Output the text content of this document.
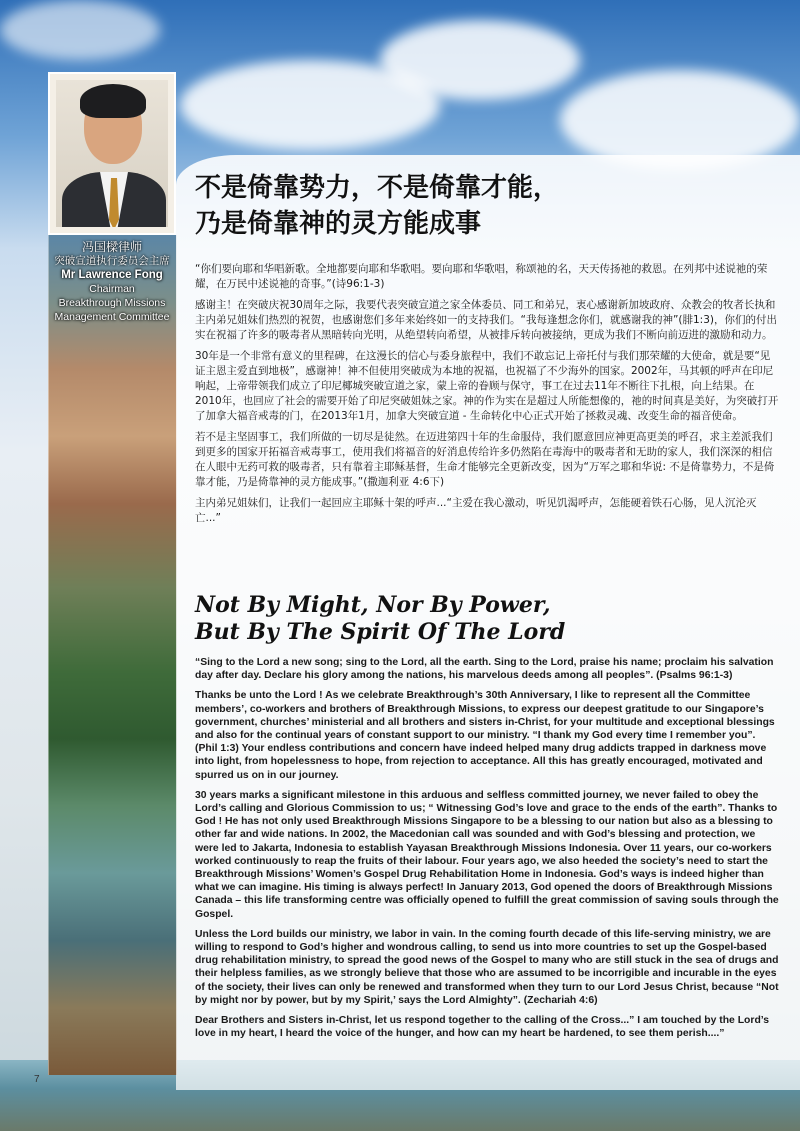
冯国樑律师
突破宣道执行委员会主席
Mr Lawrence Fong
Chairman
Breakthrough Missions
Management Committee
不是倚靠势力，不是倚靠才能，
乃是倚靠神的灵方能成事

“你们要向耶和华唱新歌。全地都要向耶和华歌唱。要向耶和华歌唱，称颂祂的名，天天传扬祂的救恩。在列邦中述说祂的荣耀，在万民中述说祂的奇事。”(诗96:1-3)

感谢主！在突破庆祝30周年之际，我要代表突破宣道之家全体委员、同工和弟兄，衷心感谢新加坡政府、众教会的牧者长执和主内弟兄姐妹们热烈的祝贺，也感谢您们多年来始终如一的支持我们。“我每逢想念你们，就感谢我的神”(腓1:3)，你们的付出实在祝福了许多的吸毒者从黑暗转向光明，从绝望转向希望，从被排斥转向被接纳，更成为我们不断向前迈进的激励和动力。

30年是一个非常有意义的里程碑，在这漫长的信心与委身旅程中，我们不敢忘记上帝托付与我们那荣耀的大使命，就是要“见证主恩主爱直到地极”，感谢神！神不但使用突破成为本地的祝福，也祝福了不少海外的国家。2002年，马其顿的呼声在印尼响起，上帝带领我们成立了印尼椰城突破宣道之家，蒙上帝的眷顾与保守，事工在过去11年不断往下扎根，向上结果。在2010年，也回应了社会的需要开始了印尼突破姐妹之家。神的作为实在是超过人所能想像的，祂的时间真是美好，为突破打开了加拿大福音戒毒的门，在2013年1月，加拿大突破宣道 - 生命转化中心正式开始了拯救灵魂、改变生命的福音使命。

若不是主坚固事工，我们所做的一切尽是徒然。在迈进第四十年的生命服侍，我们愿意回应神更高更美的呼召，求主差派我们到更多的国家开拓福音戒毒事工，使用我们将福音的好消息传给许多仍然陷在毒海中的吸毒者和无助的家人，我们深深的相信在人眼中无药可救的吸毒者，只有靠着主耶稣基督，生命才能够完全更新改变，因为“万军之耶和华说: 不是倚靠势力，不是倚靠才能，乃是倚靠神的灵方能成事。”(撒迦利亚 4:6下)

主内弟兄姐妹们，让我们一起回应主耶稣十架的呼声...“主爱在我心激动，听见饥渴呼声，怎能硬着铁石心肠，见人沉沦灭亡...”

Not By Might, Nor By Power,
But By The Spirit Of The Lord

“Sing to the Lord a new song; sing to the Lord, all the earth. Sing to the Lord, praise his name; proclaim his salvation day after day. Declare his glory among the nations, his marvelous deeds among all peoples”. (Psalms 96:1-3)

Thanks be unto the Lord ! As we celebrate Breakthrough’s 30th Anniversary, I like to represent all the Committee members’, co-workers and brothers of Breakthrough Missions, to express our deepest gratitude to our Singapore’s government, churches’ ministerial and all brothers and sisters in-Christ, for your multitude and exceptional blessings and also for the continual years of constant support to our ministry. “I thank my God every time I remember you”. (Phil 1:3) Your endless contributions and concern have indeed helped many drug addicts trapped in darkness move into light, from hopelessness to hope, from rejection to acceptance. All this has greatly encouraged, motivated and spurred us on in our journey.

30 years marks a significant milestone in this arduous and selfless committed journey, we never failed to obey the Lord’s calling and Glorious Commission to us; “ Witnessing God’s love and grace to the ends of the earth”. Thanks to God ! He has not only used Breakthrough Missions Singapore to be a blessing to our nation but also as a blessing to other far and wide nations. In 2002, the Macedonian call was sounded and with God’s blessing and protection, we were led to Jakarta, Indonesia to establish Yayasan Breakthrough Missions Indonesia. Over 11 years, our co-workers worked continuously to reap the fruits of their labour. Four years ago, we also heeded the society’s need to start the Breakthrough Missions’ Women’s Gospel Drug Rehabilitation Home in Indonesia. God’s ways is indeed higher than what we can imagine. His timing is always perfect! In January 2013, God opened the doors of Breakthrough Missions Canada – this life transforming centre was officially opened to fulfill the great commission of saving souls through the Gospel.

Unless the Lord builds our ministry, we labor in vain. In the coming fourth decade of this life-serving ministry, we are willing to respond to God’s higher and wondrous calling, to send us into more countries to set up the Gospel-based drug rehabilitation ministry, to spread the good news of the Gospel to many who are still stuck in the sea of drugs and their helpless families, as we strongly believe that those who are assumed to be incorrigible and incurable in the eyes of the society, their lives can only be renewed and transformed when they turn to our Lord Jesus Christ, because “Not by might nor by power, but by my Spirit,’ says the Lord Almighty”. (Zechariah 4:6)

Dear Brothers and Sisters in-Christ, let us respond together to the calling of the Cross...” I am touched by the Lord’s love in my heart, I heard the voice of the hunger, and how can my heart be hardened, to see them perish....”

7
